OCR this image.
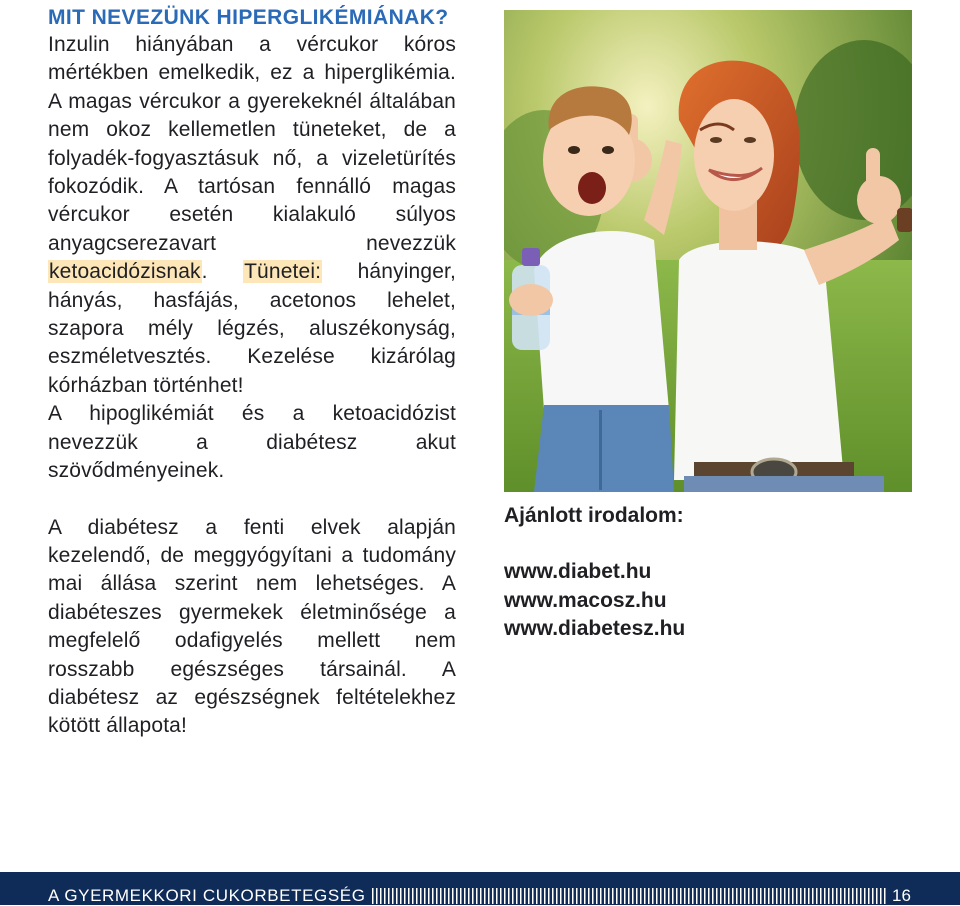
MIT NEVEZÜNK HIPERGLIKÉMIÁNAK?

Inzulin hiányában a vércukor kóros mértékben emelkedik, ez a hiperglikémia. A magas vércukor a gyerekeknél általában nem okoz kellemetlen tüneteket, de a folyadék-fogyasztásuk nő, a vizeletürítés fokozódik. A tartósan fennálló magas vércukor esetén kialakuló súlyos anyagcserezavart nevezzük ketoacidózisnak. Tünetei: hányinger, hányás, hasfájás, acetonos lehelet, szapora mély légzés, aluszékonyság, eszméletvesztés. Kezelése kizárólag kórházban történhet!

A hipoglikémiát és a ketoacidózist nevezzük a diabétesz akut szövődményeinek.

A diabétesz a fenti elvek alapján kezelendő, de meggyógyítani a tudomány mai állása szerint nem lehetséges. A diabéteszes gyermekek életminősége a megfelelő odafigyelés mellett nem rosszabb egészséges társainál. A diabétesz az egészségnek feltételekhez kötött állapota!

Ajánlott irodalom:

www.diabet.hu
www.macosz.hu
www.diabetesz.hu
A GYERMEKKORI CUKORBETEGSÉG	16
